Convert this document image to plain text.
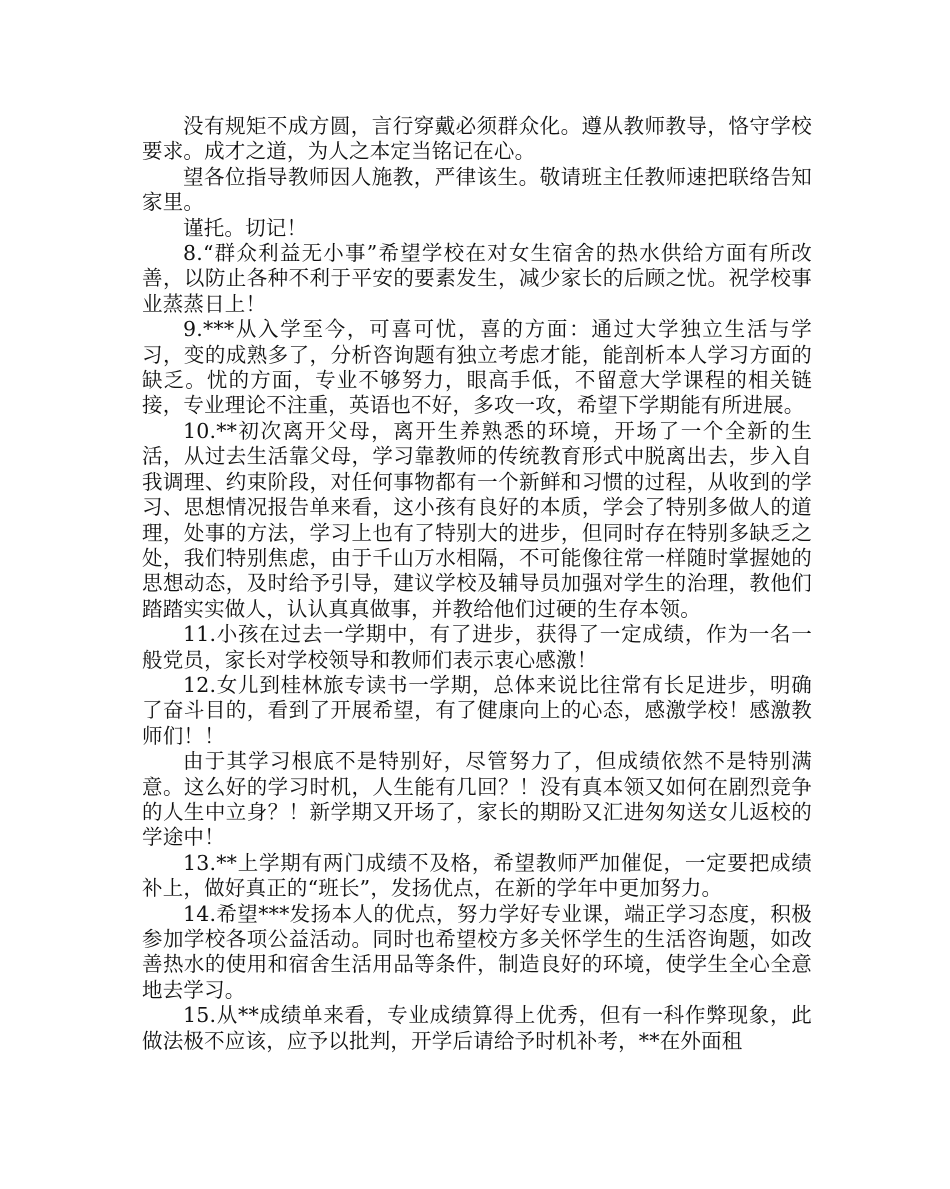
没有规矩不成方圆，言行穿戴必须群众化。遵从教师教导，恪守学校要求。成才之道，为人之本定当铭记在心。

望各位指导教师因人施教，严律该生。敬请班主任教师速把联络告知家里。

谨托。切记！

8.“群众利益无小事”希望学校在对女生宿舍的热水供给方面有所改善，以防止各种不利于平安的要素发生，减少家长的后顾之忧。祝学校事业蒸蒸日上！

9.***从入学至今，可喜可忧，喜的方面：通过大学独立生活与学习，变的成熟多了，分析咨询题有独立考虑才能，能剖析本人学习方面的缺乏。忧的方面，专业不够努力，眼高手低，不留意大学课程的相关链接，专业理论不注重，英语也不好，多攻一攻，希望下学期能有所进展。

10.**初次离开父母，离开生养熟悉的环境，开场了一个全新的生活，从过去生活靠父母，学习靠教师的传统教育形式中脱离出去，步入自我调理、约束阶段，对任何事物都有一个新鲜和习惯的过程，从收到的学习、思想情况报告单来看，这小孩有良好的本质，学会了特别多做人的道理，处事的方法，学习上也有了特别大的进步，但同时存在特别多缺乏之处，我们特别焦虑，由于千山万水相隔，不可能像往常一样随时掌握她的思想动态，及时给予引导，建议学校及辅导员加强对学生的治理，教他们踏踏实实做人，认认真真做事，并教给他们过硬的生存本领。

11.小孩在过去一学期中，有了进步，获得了一定成绩，作为一名一般党员，家长对学校领导和教师们表示衷心感激！

12.女儿到桂林旅专读书一学期，总体来说比往常有长足进步，明确了奋斗目的，看到了开展希望，有了健康向上的心态，感激学校！感激教师们！！

由于其学习根底不是特别好，尽管努力了，但成绩依然不是特别满意。这么好的学习时机，人生能有几回？！没有真本领又如何在剧烈竞争的人生中立身？！新学期又开场了，家长的期盼又汇进匆匆送女儿返校的学途中！

13.**上学期有两门成绩不及格，希望教师严加催促，一定要把成绩补上，做好真正的“班长”，发扬优点，在新的学年中更加努力。

14.希望***发扬本人的优点，努力学好专业课，端正学习态度，积极参加学校各项公益活动。同时也希望校方多关怀学生的生活咨询题，如改善热水的使用和宿舍生活用品等条件，制造良好的环境，使学生全心全意地去学习。

15.从**成绩单来看，专业成绩算得上优秀，但有一科作弊现象，此做法极不应该，应予以批判，开学后请给予时机补考，**在外面租
